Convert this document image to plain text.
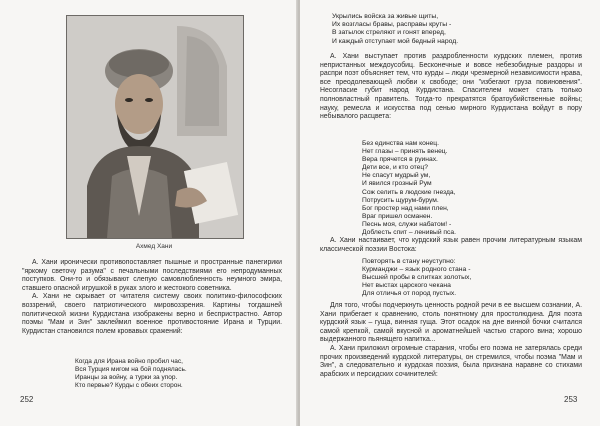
Ахмед Хани

А. Хани иронически противопоставляет пышные и пространные панегирики "яркому светочу разума" с печальными последствиями его непродуманных поступков. Они-то и обязывают слепую самовлюбленность неумного эмира, ставшего опасной игрушкой в руках злого и жестокого советника.

А. Хани не скрывает от читателя систему своих политико-философских воззрений, своего патриотического мировоззрения. Картины тогдашней политической жизни Курдистана изображены верно и беспристрастно. Автор поэмы "Мам и Зин" заклеймил военное противостояние Ирана и Турции. Курдистан становился полем кровавых сражений:

Когда для Ирана войно пробил час,
Вся Турция мигом на бой поднялась.
Иранцы за войну, а турки за упор.
Кто первые? Курды с обеих сторон.
252
Укрылись войска за живые щиты,
Их возгласы бравы, расправы круты -
В затылок стреляют и гонят вперед,
И каждый отступает мой бедный народ.

А. Хани выступает против раздробленности курдских племен, против непристанных междоусобиц. Бесконечные и вовсе небезобидные раздоры и распри поэт объясняет тем, что курды – люди чрезмерной независимости нрава, все преодолевающей любви к свободе; они "избегают груза повиновения". Несогласие губит народ Курдистана. Спасителем может стать только полновластный правитель. Тогда-то прекратятся братоубийственные войны; науку, ремесла и искусства под сенью мирного Курдистана войдут в пору небывалого расцвета:

Без единства нам конец.
Нет глазы – принять венец.
Вера прячется в руинах.
Дети все, и кто отец?
Не спасут мудрый ум,
И явился грозный Рум
Сож селить в людские гнезда,
Потрусить щурум-бурум.
Бог простер над нами плен,
Враг пришел османен.
Песнь моя, служи набатом! -
Доблесть спит – ленивый пса.

А. Хани настаивает, что курдский язык равен прочим литературным языкам классической поэзии Востока:

Повторять в стану неуступно:
Курманджи – язык родного стана -
Высшей пробы в слитках золотых,
Нет выстах царского чекана
Для отличья от пород пустых.

Для того, чтобы подчеркнуть ценность родной речи в ее высшем сознании, А. Хани прибегает к сравнению, столь понятному для простолюдина. Для поэта курдский язык – гуща, винная гуща. Этот осадок на дне винной бочки считался самой крепкой, самой вкусной и ароматнейшей частью старого вина; хорошо выдержанного пьянящего напитка...

А. Хани приложил огромные старания, чтобы его поэма не затерялась среди прочих произведений курдской литературы, он стремился, чтобы поэма "Мам и Зин", а следовательно и курдская поэзия, была признана наравне со стихами арабских и персидских сочинителей:

253
